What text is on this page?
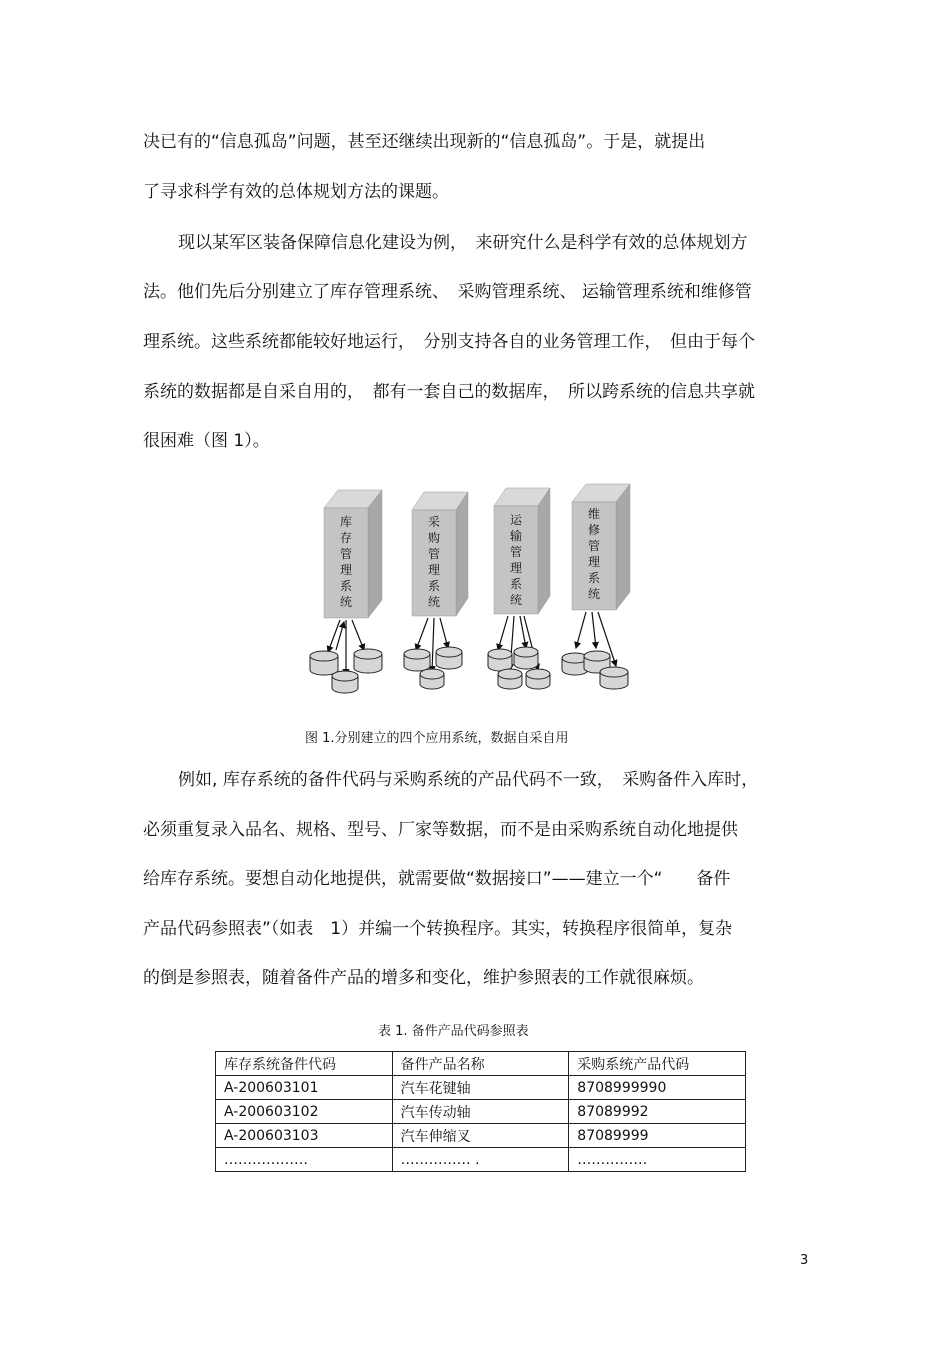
决已有的“信息孤岛”问题，甚至还继续出现新的“信息孤岛”。于是，就提出
了寻求科学有效的总体规划方法的课题。
现以某军区装备保障信息化建设为例，　来研究什么是科学有效的总体规划方
法。他们先后分别建立了库存管理系统、　采购管理系统、 运输管理系统和维修管
理系统。这些系统都能较好地运行，　分别支持各自的业务管理工作，　但由于每个
系统的数据都是自采自用的，　都有一套自己的数据库，　所以跨系统的信息共享就
很困难（图 1）。
库存管理系统
采购管理系统
运输管理系统
维修管理系统
图 1.分别建立的四个应用系统，数据自采自用
例如, 库存系统的备件代码与采购系统的产品代码不一致，　采购备件入库时，
必须重复录入品名、规格、型号、厂家等数据，而不是由采购系统自动化地提供
给库存系统。要想自动化地提供，就需要做“数据接口”——建立一个“　　备件
产品代码参照表”（如表　1）并编一个转换程序。其实，转换程序很简单，复杂
的倒是参照表，随着备件产品的增多和变化，维护参照表的工作就很麻烦。
表 1. 备件产品代码参照表
库存系统备件代码	备件产品名称	采购系统产品代码
A-200603101	汽车花键轴	8708999990
A-200603102	汽车传动轴	87089992
A-200603103	汽车伸缩叉	87089999
………………	…………… .	……………
3
